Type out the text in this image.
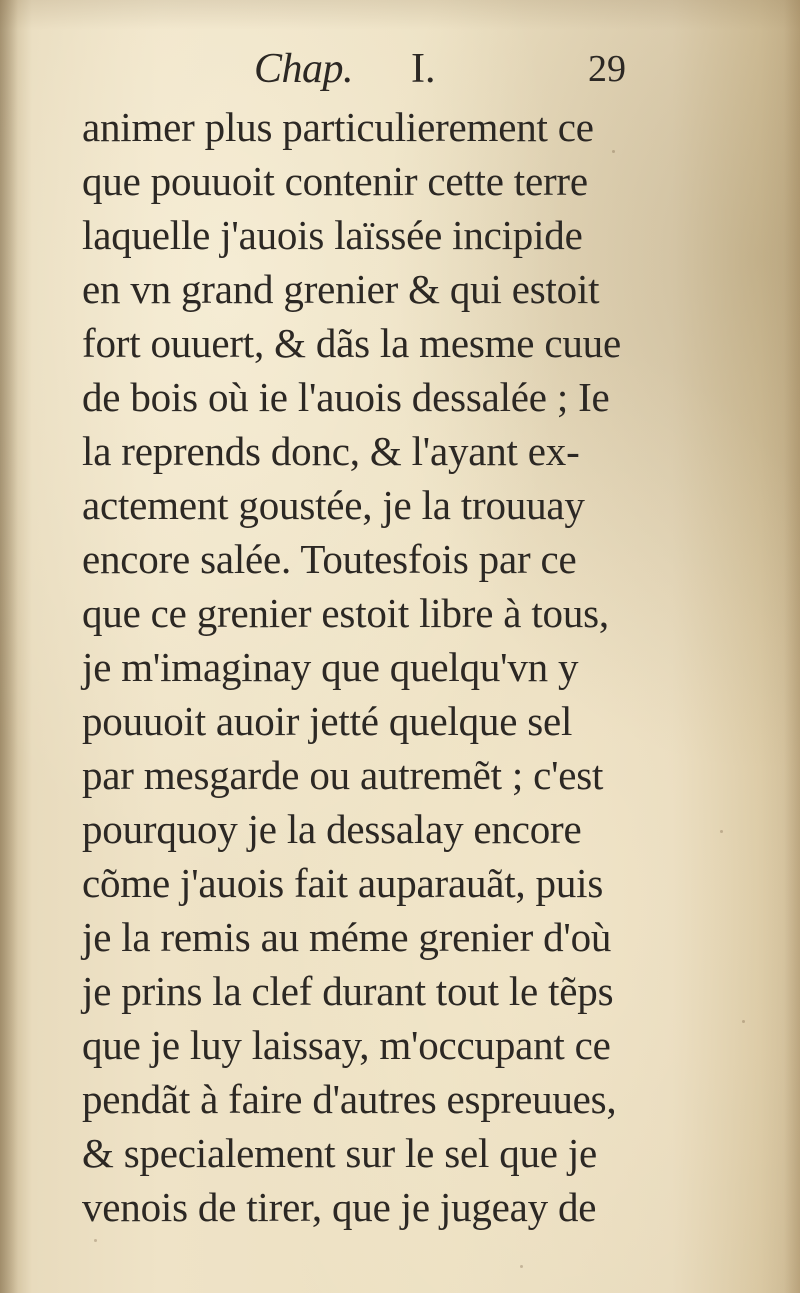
Chap. I.	29
animer plus particulierement ce
que pouuoit contenir cette terre
laquelle j'auois laïssée incipide
en vn grand grenier & qui estoit
fort ouuert, & dãs la mesme cuue
de bois où ie l'auois dessalée ; Ie
la reprends donc, & l'ayant ex-
actement goustée, je la trouuay
encore salée. Toutesfois par ce
que ce grenier estoit libre à tous,
je m'imaginay que quelqu'vn y
pouuoit auoir jetté quelque sel
par mesgarde ou autremẽt ; c'est
pourquoy je la dessalay encore
cõme j'auois fait auparauãt, puis
je la remis au méme grenier d'où
je prins la clef durant tout le tẽps
que je luy laissay, m'occupant ce
pendãt à faire d'autres espreuues,
& specialement sur le sel que je
venois de tirer, que je jugeay de
